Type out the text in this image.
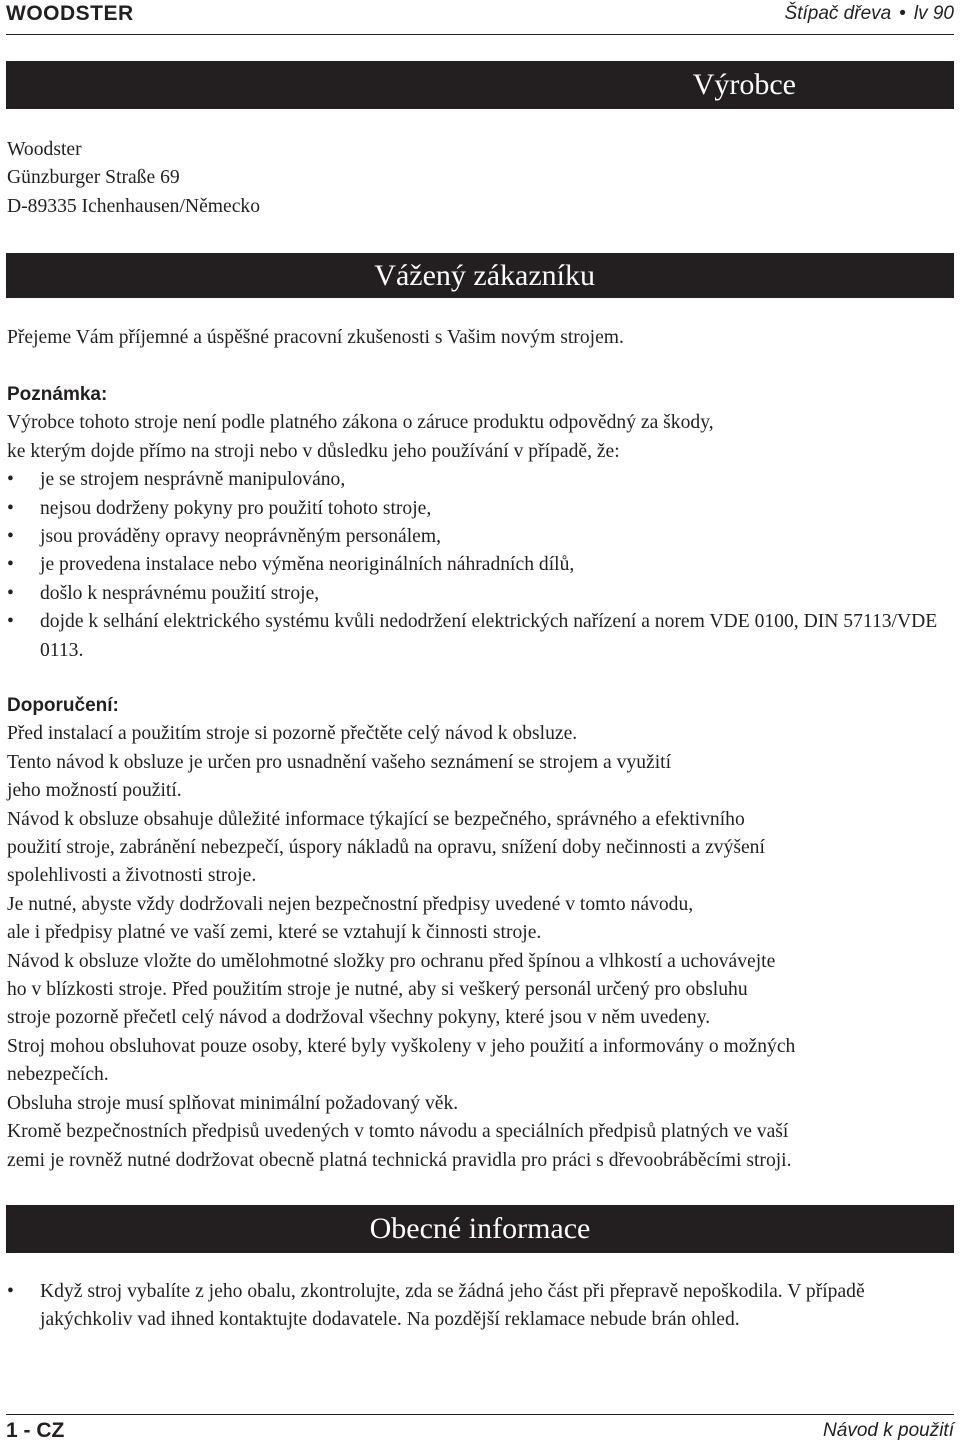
WOODSTER	Štípač dřeva • lv 90
Výrobce

Woodster

Günzburger Straße 69

D-89335 Ichenhausen/Německo

Vážený zákazníku

Přejeme Vám příjemné a úspěšné pracovní zkušenosti s Vašim novým strojem.

Poznámka:

Výrobce tohoto stroje není podle platného zákona o záruce produktu odpovědný za škody,

ke kterým dojde přímo na stroji nebo v důsledku jeho používání v případě, že:

• je se strojem nesprávně manipulováno,
• nejsou dodrženy pokyny pro použití tohoto stroje,
• jsou prováděny opravy neoprávněným personálem,
• je provedena instalace nebo výměna neoriginálních náhradních dílů,
• došlo k nesprávnému použití stroje,
• dojde k selhání elektrického systému kvůli nedodržení elektrických nařízení a norem VDE 0100, DIN 57113/VDE 0113.

Doporučení:

Před instalací a použitím stroje si pozorně přečtěte celý návod k obsluze.

Tento návod k obsluze je určen pro usnadnění vašeho seznámení se strojem a využití

jeho možností použití.

Návod k obsluze obsahuje důležité informace týkající se bezpečného, správného a efektivního

použití stroje, zabránění nebezpečí, úspory nákladů na opravu, snížení doby nečinnosti a zvýšení

spolehlivosti a životnosti stroje.

Je nutné, abyste vždy dodržovali nejen bezpečnostní předpisy uvedené v tomto návodu,

ale i předpisy platné ve vaší zemi, které se vztahují k činnosti stroje.

Návod k obsluze vložte do umělohmotné složky pro ochranu před špínou a vlhkostí a uchovávejte

ho v blízkosti stroje. Před použitím stroje je nutné, aby si veškerý personál určený pro obsluhu

stroje pozorně přečetl celý návod a dodržoval všechny pokyny, které jsou v něm uvedeny.

Stroj mohou obsluhovat pouze osoby, které byly vyškoleny v jeho použití a informovány o možných

nebezpečích.

Obsluha stroje musí splňovat minimální požadovaný věk.

Kromě bezpečnostních předpisů uvedených v tomto návodu a speciálních předpisů platných ve vaší

zemi je rovněž nutné dodržovat obecně platná technická pravidla pro práci s dřevoobráběcími stroji.

Obecné informace
• Když stroj vybalíte z jeho obalu, zkontrolujte, zda se žádná jeho část při přepravě nepoškodila. V případě jakýchkoliv vad ihned kontaktujte dodavatele. Na pozdější reklamace nebude brán ohled.
1 - CZ	Návod k použití
